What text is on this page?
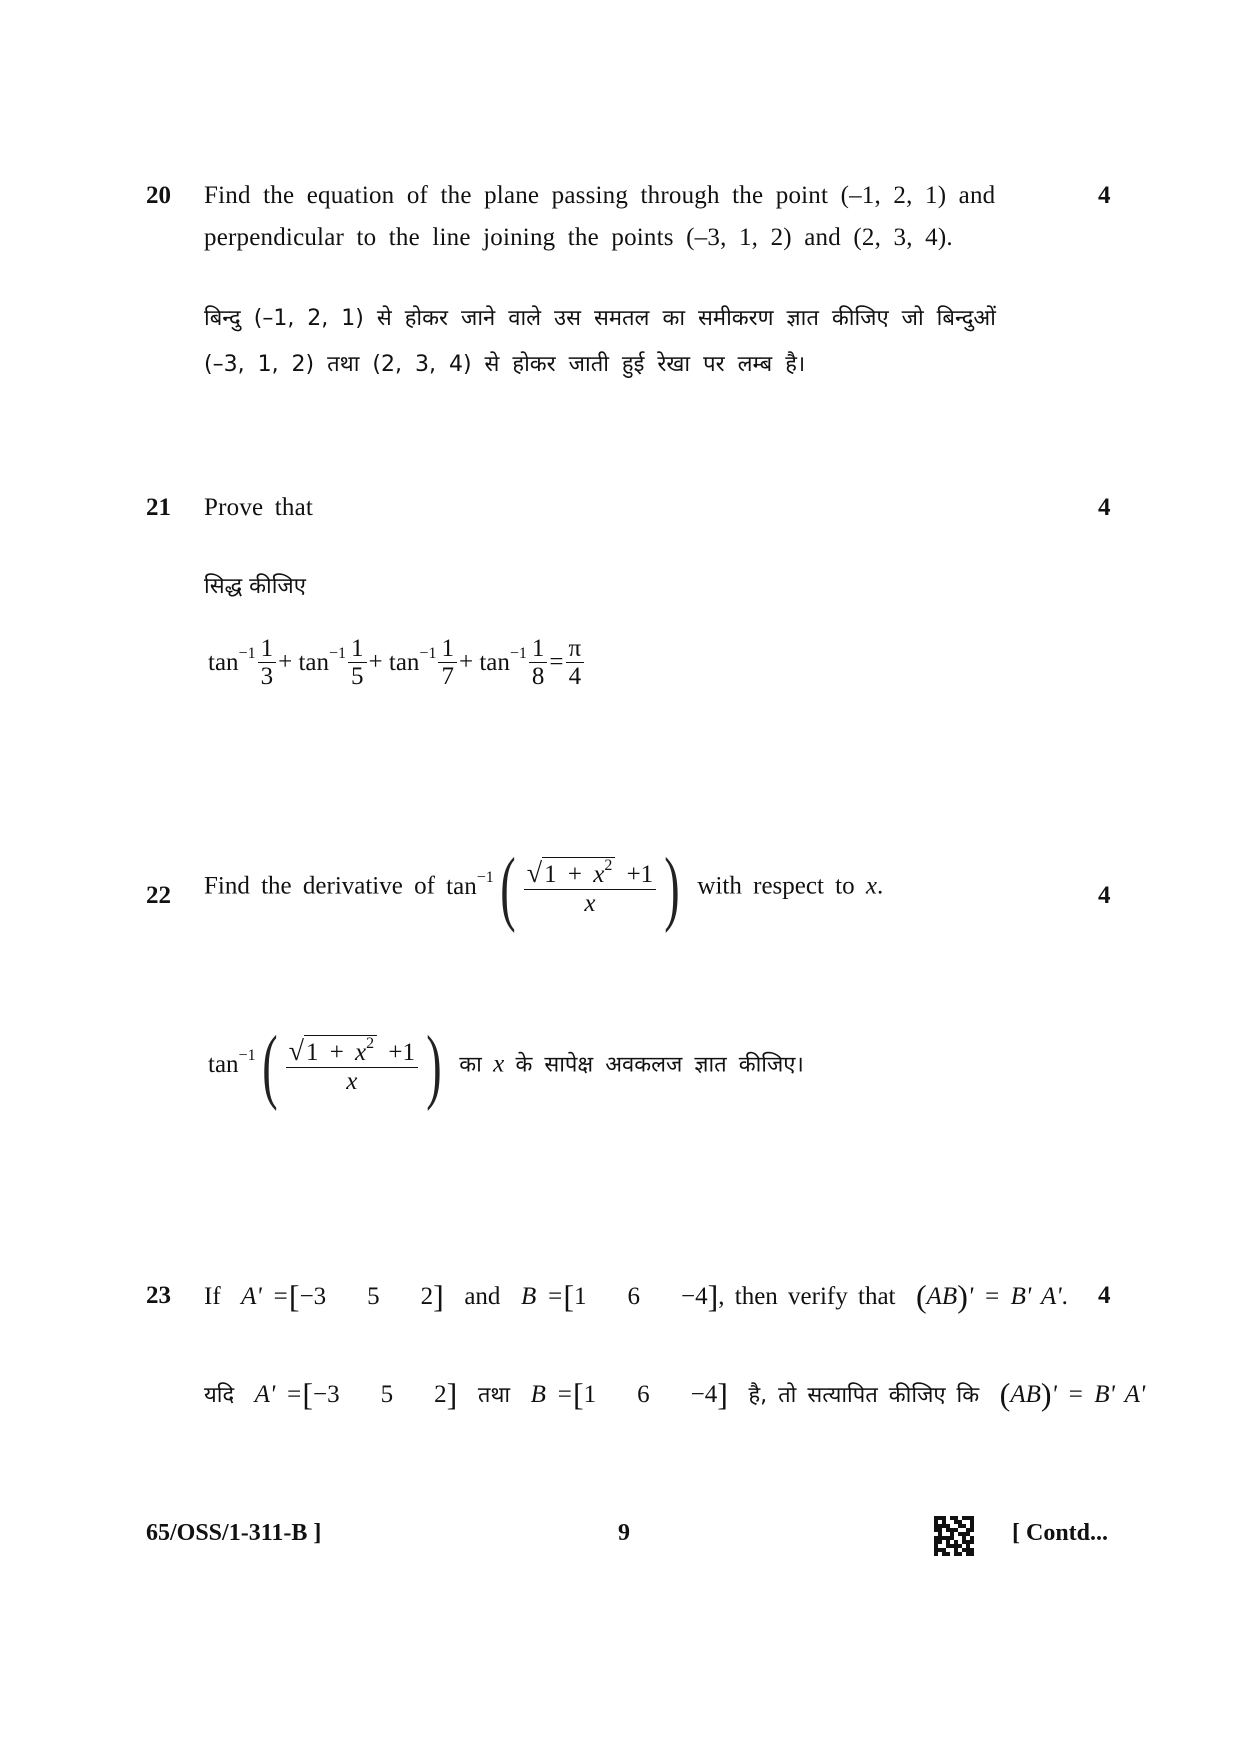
20	4
Find the equation of the plane passing through the point (–1, 2, 1) and
perpendicular to the line joining the points (–3, 1, 2) and (2, 3, 4).
बिन्दु (–1, 2, 1) से होकर जाने वाले उस समतल का समीकरण ज्ञात कीजिए जो बिन्दुओं
(–3, 1, 2) तथा (2, 3, 4) से होकर जाती हुई रेखा पर लम्ब है।
21	4
Prove that
सिद्ध कीजिए
$\tan^{-1} \frac{1}{3} + \tan^{-1} \frac{1}{5} + \tan^{-1} \frac{1}{7} + \tan^{-1} \frac{1}{8} = \frac{\pi}{4}$
22	4
Find the derivative of $\tan^{-1}( \frac{√1 + x^2 +1}{x}$ ) with respect to x.
$\tan^{-1}( \frac{√1 + x^2 +1}{x}$ ) का x के सापेक्ष अवकलज ज्ञात कीजिए।
23	4
If A' =[−3    5    2] and B =[1    6    −4], then verify that (AB)' = B' A'.
यदि A' =[−3    5    2] तथा B =[1    6    −4] है, तो सत्यापित कीजिए कि (AB)' = B' A'
65/OSS/1-311-B ]	9	[ Contd...
